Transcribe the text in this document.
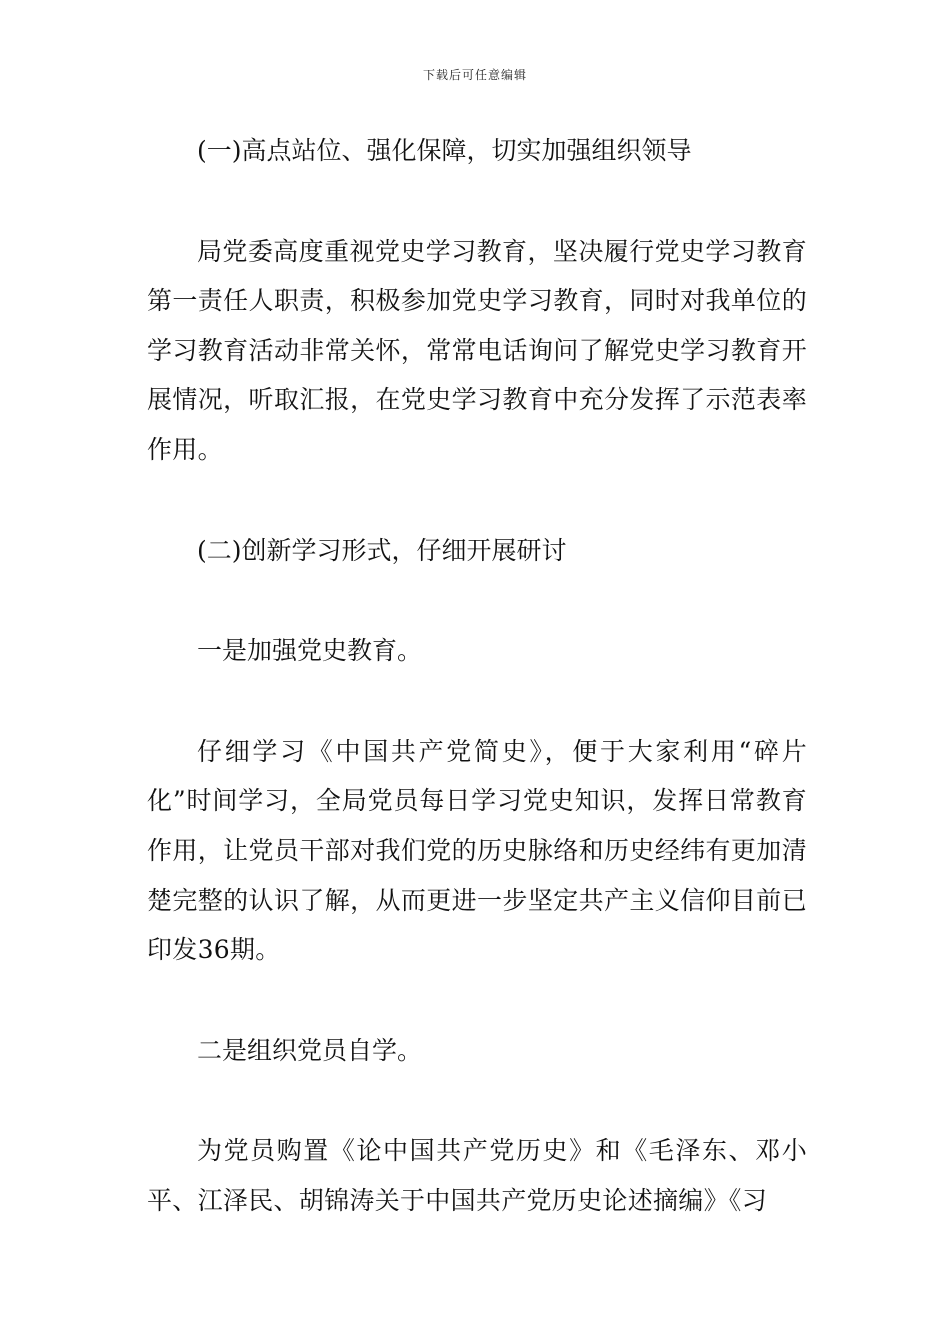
下载后可任意编辑

(一)高点站位、强化保障，切实加强组织领导

局党委高度重视党史学习教育，坚决履行党史学习教育第一责任人职责，积极参加党史学习教育，同时对我单位的学习教育活动非常关怀，常常电话询问了解党史学习教育开展情况，听取汇报，在党史学习教育中充分发挥了示范表率作用。

(二)创新学习形式，仔细开展研讨

一是加强党史教育。

仔细学习《中国共产党简史》，便于大家利用“碎片化”时间学习，全局党员每日学习党史知识，发挥日常教育作用，让党员干部对我们党的历史脉络和历史经纬有更加清楚完整的认识了解，从而更进一步坚定共产主义信仰目前已印发36期。

二是组织党员自学。

为党员购置《论中国共产党历史》和《毛泽东、邓小平、江泽民、胡锦涛关于中国共产党历史论述摘编》《习
